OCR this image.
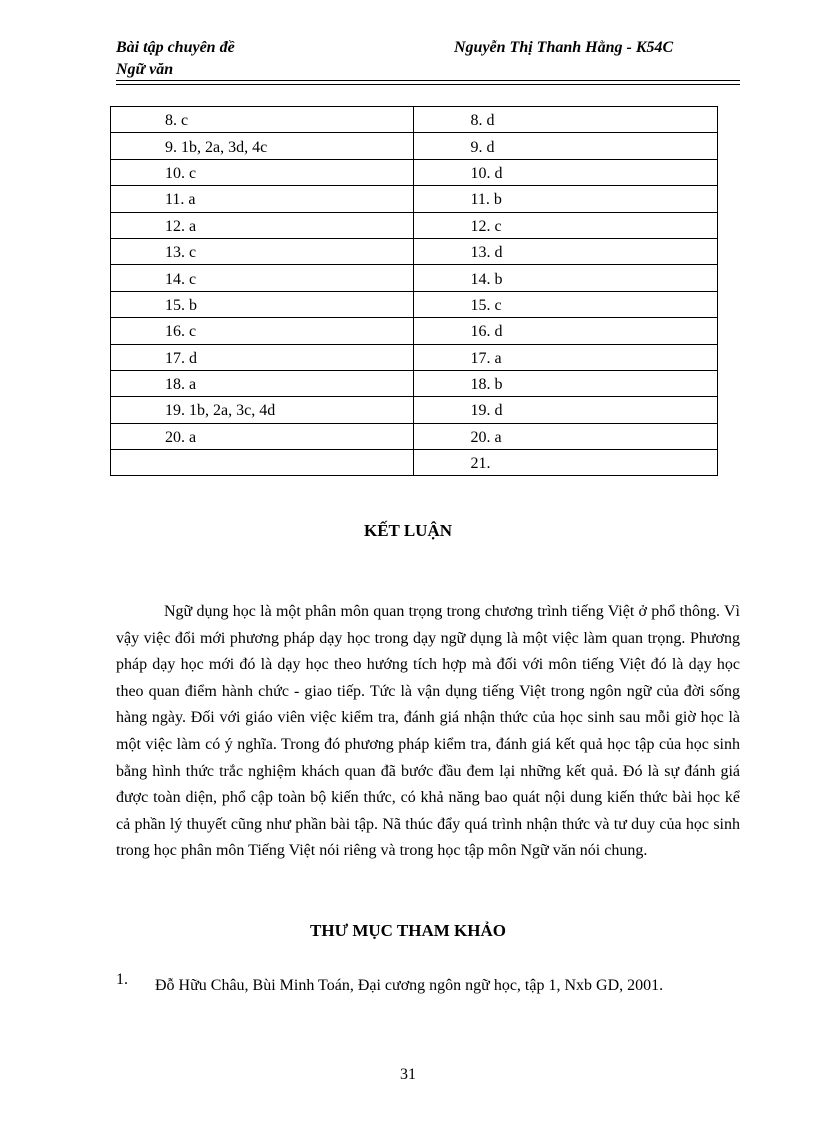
Bài tập chuyên đề
Ngữ văn
Nguyễn Thị Thanh Hằng - K54C
8. c	8. d
9. 1b, 2a, 3d, 4c	9. d
10. c	10. d
11. a	11. b
12. a	12. c
13. c	13. d
14. c	14. b
15. b	15. c
16. c	16. d
17. d	17. a
18. a	18. b
19. 1b, 2a, 3c, 4d	19. d
20. a	20. a
	21.
KẾT LUẬN

Ngữ dụng học là một phân môn quan trọng trong chương trình tiếng Việt ở phổ thông. Vì vậy việc đổi mới phương pháp dạy học trong dạy ngữ dụng là một việc làm quan trọng. Phương pháp dạy học mới đó là dạy học theo hướng tích hợp mà đối với môn tiếng Việt đó là dạy học theo quan điểm hành chức - giao tiếp. Tức là vận dụng tiếng Việt trong ngôn ngữ của đời sống hàng ngày. Đối với giáo viên việc kiểm tra, đánh giá nhận thức của học sinh sau mỗi giờ học là một việc làm có ý nghĩa. Trong đó phương pháp kiểm tra, đánh giá kết quả học tập của học sinh bằng hình thức trắc nghiệm khách quan đã bước đầu đem lại những kết quả. Đó là sự đánh giá được toàn diện, phổ cập toàn bộ kiến thức, có khả năng bao quát nội dung kiến thức bài học kể cả phần lý thuyết cũng như phần bài tập. Nã thúc đẩy quá trình nhận thức và tư duy của học sinh trong học phân môn Tiếng Việt nói riêng và trong học tập môn Ngữ văn nói chung.

THƯ MỤC THAM KHẢO
1. Đỗ Hữu Châu, Bùi Minh Toán, Đại cương ngôn ngữ học, tập 1, Nxb GD, 2001.

31
